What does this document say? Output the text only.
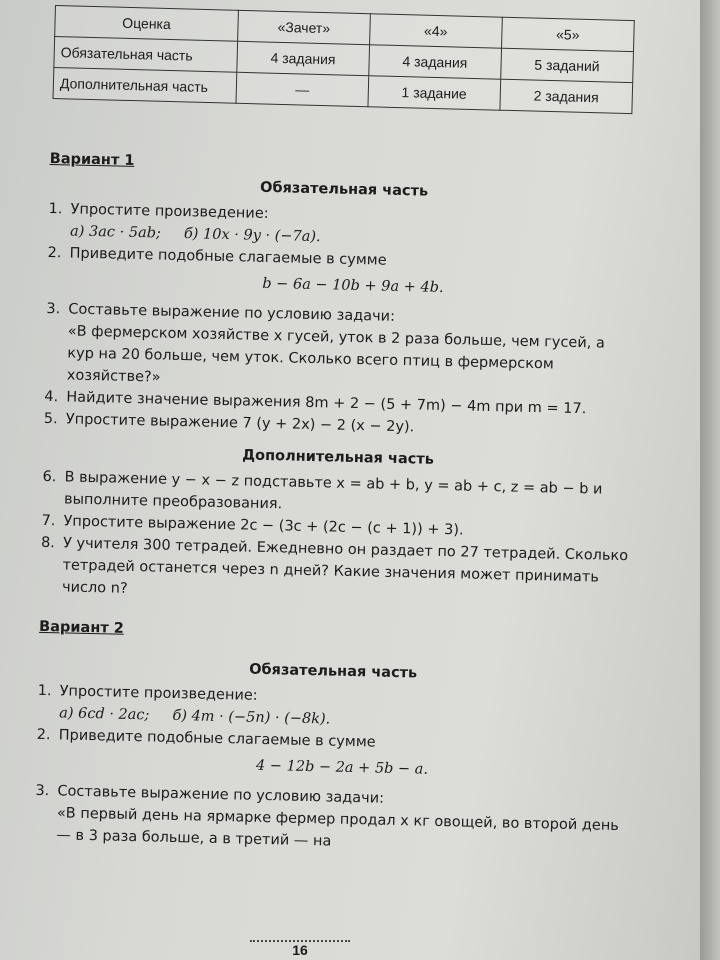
Оценка	«Зачет»	«4»	«5»
Обязательная часть	4 задания	4 задания	5 заданий
Дополнительная часть	—	1 задание	2 задания

Вариант 1

Обязательная часть

1. Упростите произведение:
а) 3ac · 5ab; б) 10x · 9y · (−7a).
2. Приведите подобные слагаемые в сумме
b − 6a − 10b + 9a + 4b.
3. Составьте выражение по условию задачи:
«В фермерском хозяйстве x гусей, уток в 2 раза больше, чем гусей, а кур на 20 больше, чем уток. Сколько всего птиц в фермерском хозяйстве?»
4. Найдите значение выражения 8m + 2 − (5 + 7m) − 4m при m = 17.
5. Упростите выражение 7 (y + 2x) − 2 (x − 2y).

Дополнительная часть

6. В выражение y − x − z подставьте x = ab + b, y = ab + c, z = ab − b и выполните преобразования.
7. Упростите выражение 2c − (3c + (2c − (c + 1)) + 3).
8. У учителя 300 тетрадей. Ежедневно он раздает по 27 тетрадей. Сколько тетрадей останется через n дней? Какие значения может принимать число n?

Вариант 2

Обязательная часть

1. Упростите произведение:
а) 6cd · 2ac; б) 4m · (−5n) · (−8k).
2. Приведите подобные слагаемые в сумме
4 − 12b − 2a + 5b − a.
3. Составьте выражение по условию задачи:
«В первый день на ярмарке фермер продал x кг овощей, во второй день — в 3 раза больше, а в третий — на
16
